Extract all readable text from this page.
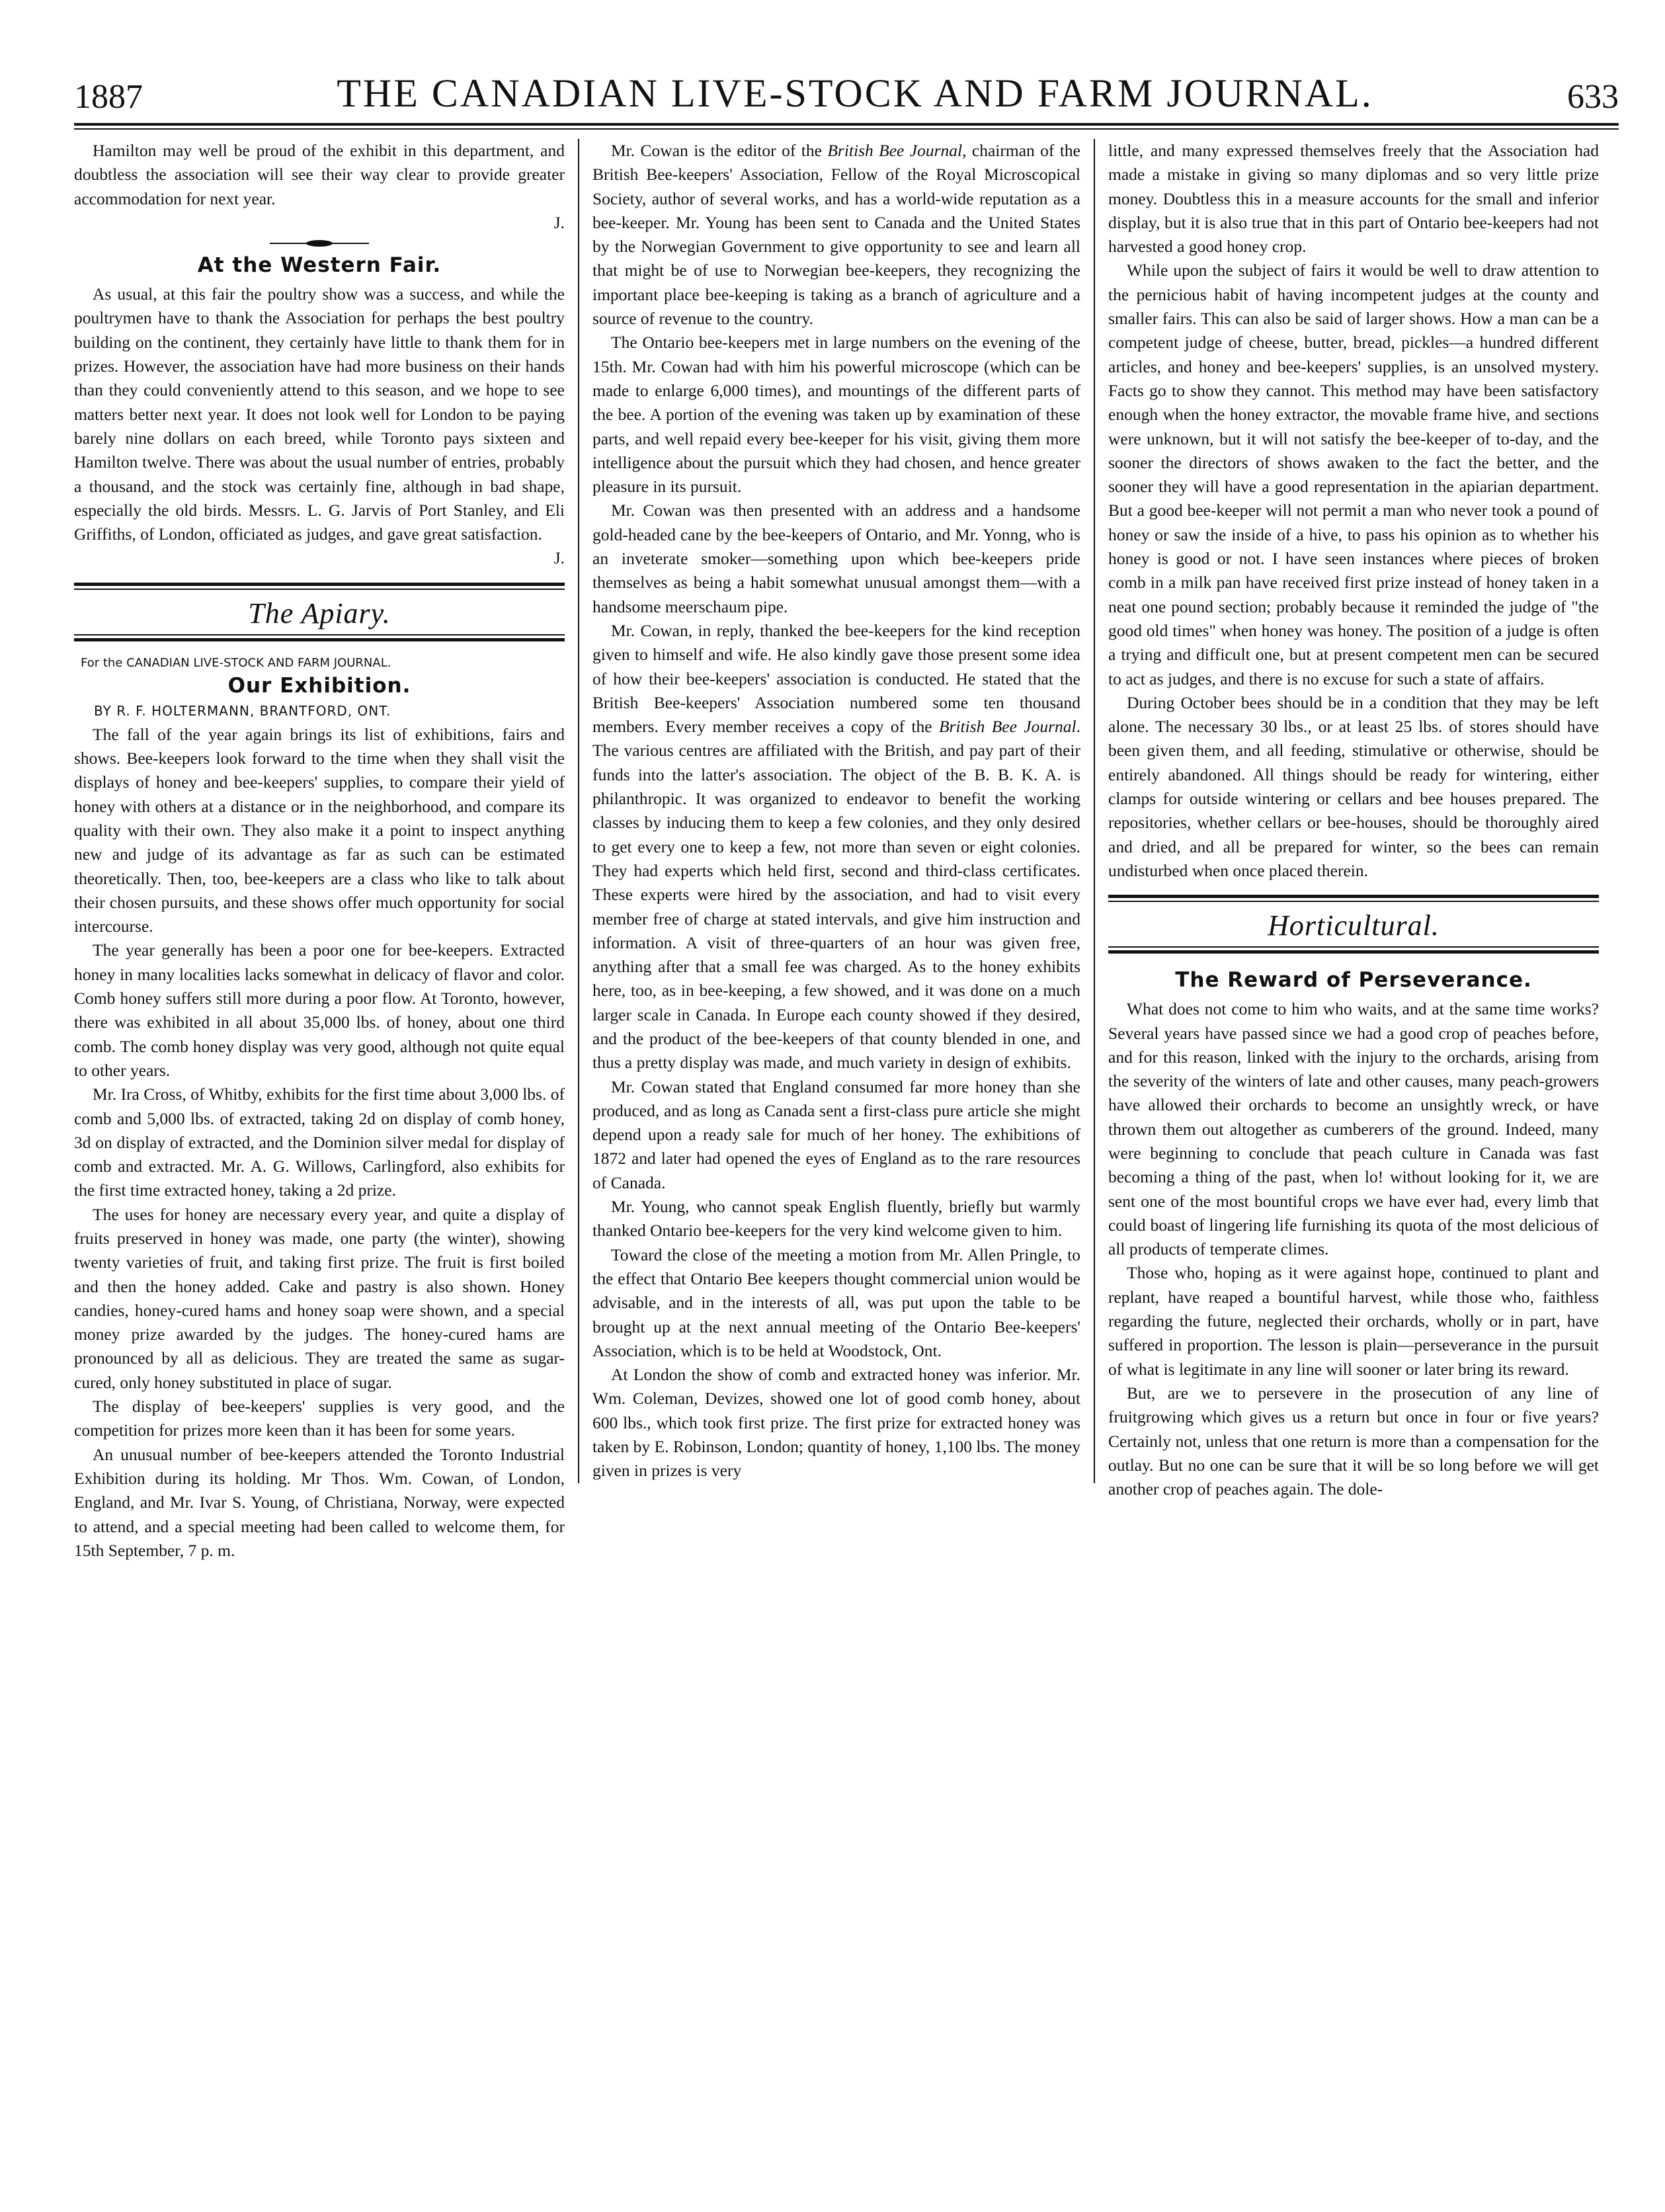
1887	THE CANADIAN LIVE-STOCK AND FARM JOURNAL.	633

Hamilton may well be proud of the exhibit in this department, and doubtless the association will see their way clear to provide greater accommodation for next year.

J.

At the Western Fair.

As usual, at this fair the poultry show was a success, and while the poultrymen have to thank the Association for perhaps the best poultry building on the continent, they certainly have little to thank them for in prizes. However, the association have had more business on their hands than they could conveniently attend to this season, and we hope to see matters better next year. It does not look well for London to be paying barely nine dollars on each breed, while Toronto pays sixteen and Hamilton twelve. There was about the usual number of entries, probably a thousand, and the stock was certainly fine, although in bad shape, especially the old birds. Messrs. L. G. Jarvis of Port Stanley, and Eli Griffiths, of London, officiated as judges, and gave great satisfaction.

J.

The Apiary.
For the CANADIAN LIVE-STOCK AND FARM JOURNAL.
Our Exhibition.
BY R. F. HOLTERMANN, BRANTFORD, ONT.

The fall of the year again brings its list of exhibitions, fairs and shows. Bee-keepers look forward to the time when they shall visit the displays of honey and bee-keepers' supplies, to compare their yield of honey with others at a distance or in the neighborhood, and compare its quality with their own. They also make it a point to inspect anything new and judge of its advantage as far as such can be estimated theoretically. Then, too, bee-keepers are a class who like to talk about their chosen pursuits, and these shows offer much opportunity for social intercourse.

The year generally has been a poor one for bee-keepers. Extracted honey in many localities lacks somewhat in delicacy of flavor and color. Comb honey suffers still more during a poor flow. At Toronto, however, there was exhibited in all about 35,000 lbs. of honey, about one third comb. The comb honey display was very good, although not quite equal to other years.

Mr. Ira Cross, of Whitby, exhibits for the first time about 3,000 lbs. of comb and 5,000 lbs. of extracted, taking 2d on display of comb honey, 3d on display of extracted, and the Dominion silver medal for display of comb and extracted. Mr. A. G. Willows, Carlingford, also exhibits for the first time extracted honey, taking a 2d prize.

The uses for honey are necessary every year, and quite a display of fruits preserved in honey was made, one party (the winter), showing twenty varieties of fruit, and taking first prize. The fruit is first boiled and then the honey added. Cake and pastry is also shown. Honey candies, honey-cured hams and honey soap were shown, and a special money prize awarded by the judges. The honey-cured hams are pronounced by all as delicious. They are treated the same as sugar-cured, only honey substituted in place of sugar.

The display of bee-keepers' supplies is very good, and the competition for prizes more keen than it has been for some years.

An unusual number of bee-keepers attended the Toronto Industrial Exhibition during its holding. Mr Thos. Wm. Cowan, of London, England, and Mr. Ivar S. Young, of Christiana, Norway, were expected to attend, and a special meeting had been called to welcome them, for 15th September, 7 p. m.

Mr. Cowan is the editor of the British Bee Journal, chairman of the British Bee-keepers' Association, Fellow of the Royal Microscopical Society, author of several works, and has a world-wide reputation as a bee-keeper. Mr. Young has been sent to Canada and the United States by the Norwegian Government to give opportunity to see and learn all that might be of use to Norwegian bee-keepers, they recognizing the important place bee-keeping is taking as a branch of agriculture and a source of revenue to the country.

The Ontario bee-keepers met in large numbers on the evening of the 15th. Mr. Cowan had with him his powerful microscope (which can be made to enlarge 6,000 times), and mountings of the different parts of the bee. A portion of the evening was taken up by examination of these parts, and well repaid every bee-keeper for his visit, giving them more intelligence about the pursuit which they had chosen, and hence greater pleasure in its pursuit.

Mr. Cowan was then presented with an address and a handsome gold-headed cane by the bee-keepers of Ontario, and Mr. Yonng, who is an inveterate smoker—something upon which bee-keepers pride themselves as being a habit somewhat unusual amongst them—with a handsome meerschaum pipe.

Mr. Cowan, in reply, thanked the bee-keepers for the kind reception given to himself and wife. He also kindly gave those present some idea of how their bee-keepers' association is conducted. He stated that the British Bee-keepers' Association numbered some ten thousand members. Every member receives a copy of the British Bee Journal. The various centres are affiliated with the British, and pay part of their funds into the latter's association. The object of the B. B. K. A. is philanthropic. It was organized to endeavor to benefit the working classes by inducing them to keep a few colonies, and they only desired to get every one to keep a few, not more than seven or eight colonies. They had experts which held first, second and third-class certificates. These experts were hired by the association, and had to visit every member free of charge at stated intervals, and give him instruction and information. A visit of three-quarters of an hour was given free, anything after that a small fee was charged. As to the honey exhibits here, too, as in bee-keeping, a few showed, and it was done on a much larger scale in Canada. In Europe each county showed if they desired, and the product of the bee-keepers of that county blended in one, and thus a pretty display was made, and much variety in design of exhibits.

Mr. Cowan stated that England consumed far more honey than she produced, and as long as Canada sent a first-class pure article she might depend upon a ready sale for much of her honey. The exhibitions of 1872 and later had opened the eyes of England as to the rare resources of Canada.

Mr. Young, who cannot speak English fluently, briefly but warmly thanked Ontario bee-keepers for the very kind welcome given to him.

Toward the close of the meeting a motion from Mr. Allen Pringle, to the effect that Ontario Bee keepers thought commercial union would be advisable, and in the interests of all, was put upon the table to be brought up at the next annual meeting of the Ontario Bee-keepers' Association, which is to be held at Woodstock, Ont.

At London the show of comb and extracted honey was inferior. Mr. Wm. Coleman, Devizes, showed one lot of good comb honey, about 600 lbs., which took first prize. The first prize for extracted honey was taken by E. Robinson, London; quantity of honey, 1,100 lbs. The money given in prizes is very

little, and many expressed themselves freely that the Association had made a mistake in giving so many diplomas and so very little prize money. Doubtless this in a measure accounts for the small and inferior display, but it is also true that in this part of Ontario bee-keepers had not harvested a good honey crop.

While upon the subject of fairs it would be well to draw attention to the pernicious habit of having incompetent judges at the county and smaller fairs. This can also be said of larger shows. How a man can be a competent judge of cheese, butter, bread, pickles—a hundred different articles, and honey and bee-keepers' supplies, is an unsolved mystery. Facts go to show they cannot. This method may have been satisfactory enough when the honey extractor, the movable frame hive, and sections were unknown, but it will not satisfy the bee-keeper of to-day, and the sooner the directors of shows awaken to the fact the better, and the sooner they will have a good representation in the apiarian department. But a good bee-keeper will not permit a man who never took a pound of honey or saw the inside of a hive, to pass his opinion as to whether his honey is good or not. I have seen instances where pieces of broken comb in a milk pan have received first prize instead of honey taken in a neat one pound section; probably because it reminded the judge of "the good old times" when honey was honey. The position of a judge is often a trying and difficult one, but at present competent men can be secured to act as judges, and there is no excuse for such a state of affairs.

During October bees should be in a condition that they may be left alone. The necessary 30 lbs., or at least 25 lbs. of stores should have been given them, and all feeding, stimulative or otherwise, should be entirely abandoned. All things should be ready for wintering, either clamps for outside wintering or cellars and bee houses prepared. The repositories, whether cellars or bee-houses, should be thoroughly aired and dried, and all be prepared for winter, so the bees can remain undisturbed when once placed therein.

Horticultural.
The Reward of Perseverance.

What does not come to him who waits, and at the same time works? Several years have passed since we had a good crop of peaches before, and for this reason, linked with the injury to the orchards, arising from the severity of the winters of late and other causes, many peach-growers have allowed their orchards to become an unsightly wreck, or have thrown them out altogether as cumberers of the ground. Indeed, many were beginning to conclude that peach culture in Canada was fast becoming a thing of the past, when lo! without looking for it, we are sent one of the most bountiful crops we have ever had, every limb that could boast of lingering life furnishing its quota of the most delicious of all products of temperate climes.

Those who, hoping as it were against hope, continued to plant and replant, have reaped a bountiful harvest, while those who, faithless regarding the future, neglected their orchards, wholly or in part, have suffered in proportion. The lesson is plain—perseverance in the pursuit of what is legitimate in any line will sooner or later bring its reward.

But, are we to persevere in the prosecution of any line of fruitgrowing which gives us a return but once in four or five years? Certainly not, unless that one return is more than a compensation for the outlay. But no one can be sure that it will be so long before we will get another crop of peaches again. The dole-
